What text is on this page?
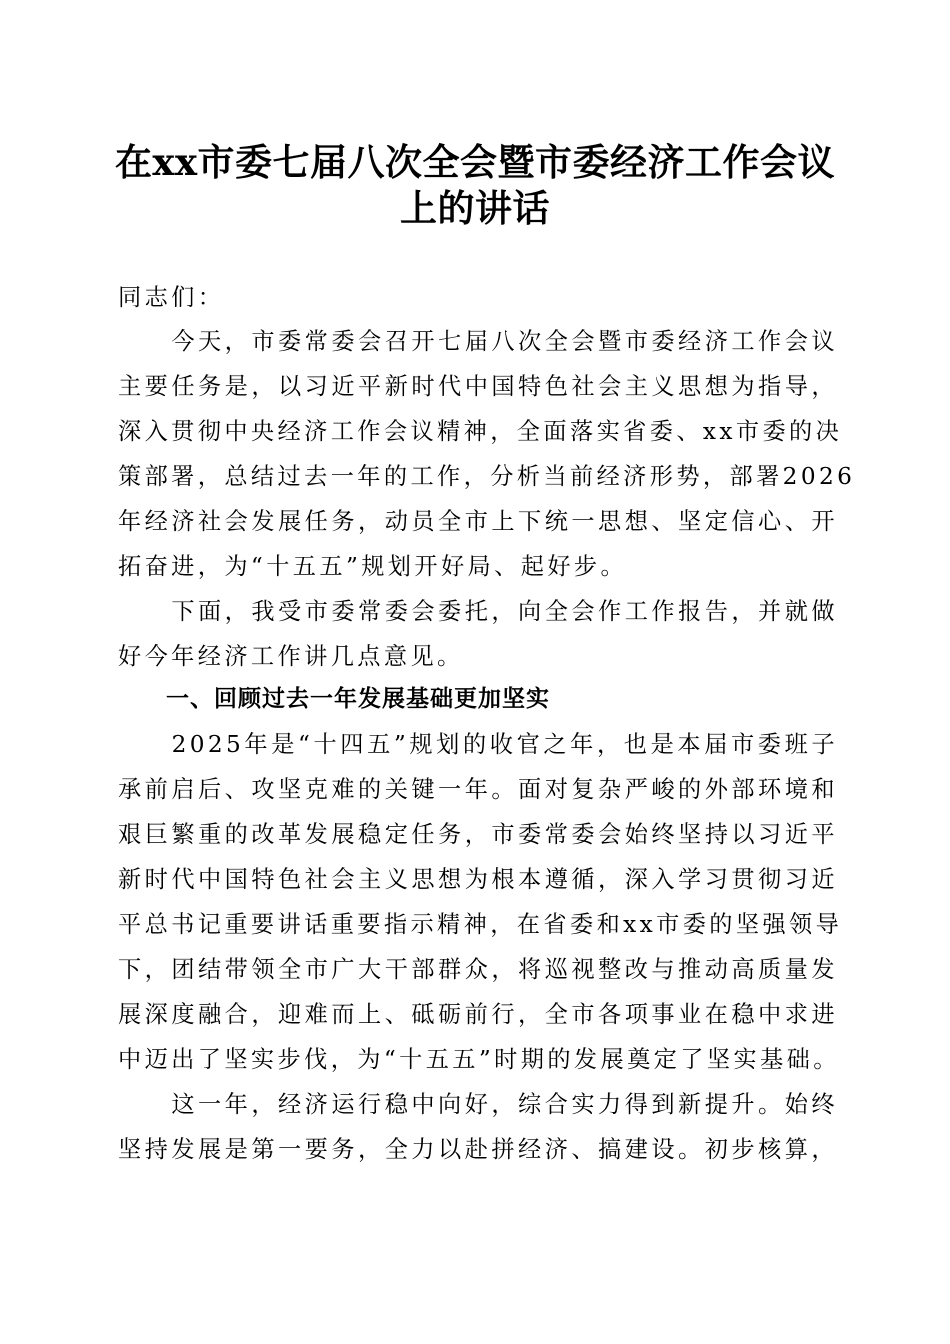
在xx市委七届八次全会暨市委经济工作会议
上的讲话

同志们：

　　今天，市委常委会召开七届八次全会暨市委经济工作会议

主要任务是，以习近平新时代中国特色社会主义思想为指导，

深入贯彻中央经济工作会议精神，全面落实省委、xx市委的决

策部署，总结过去一年的工作，分析当前经济形势，部署2026

年经济社会发展任务，动员全市上下统一思想、坚定信心、开

拓奋进，为“十五五”规划开好局、起好步。

　　下面，我受市委常委会委托，向全会作工作报告，并就做

好今年经济工作讲几点意见。

　　一、回顾过去一年发展基础更加坚实

　　2025年是“十四五”规划的收官之年，也是本届市委班子

承前启后、攻坚克难的关键一年。面对复杂严峻的外部环境和

艰巨繁重的改革发展稳定任务，市委常委会始终坚持以习近平

新时代中国特色社会主义思想为根本遵循，深入学习贯彻习近

平总书记重要讲话重要指示精神，在省委和xx市委的坚强领导

下，团结带领全市广大干部群众，将巡视整改与推动高质量发

展深度融合，迎难而上、砥砺前行，全市各项事业在稳中求进

中迈出了坚实步伐，为“十五五”时期的发展奠定了坚实基础。

　　这一年，经济运行稳中向好，综合实力得到新提升。始终

坚持发展是第一要务，全力以赴拼经济、搞建设。初步核算，
